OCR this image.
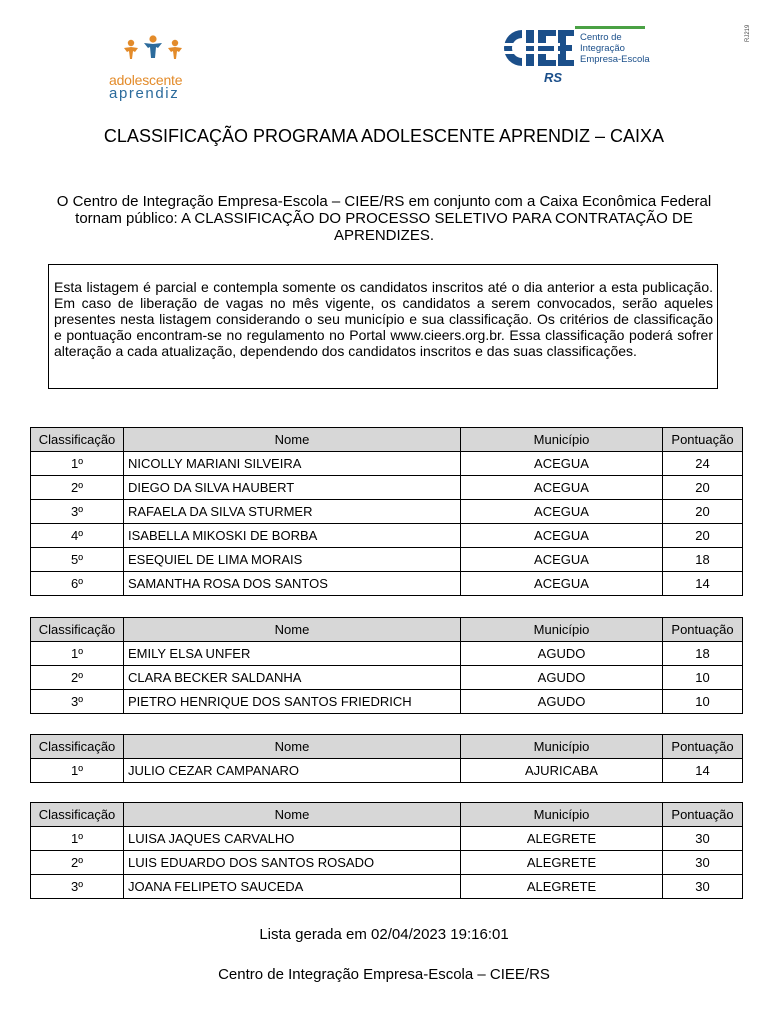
adolescente
aprendiz
RS
Centro de
Integração
Empresa-Escola
RJ219
CLASSIFICAÇÃO PROGRAMA ADOLESCENTE APRENDIZ – CAIXA
O Centro de Integração Empresa-Escola – CIEE/RS em conjunto com a Caixa Econômica Federal tornam público: A CLASSIFICAÇÃO DO PROCESSO SELETIVO PARA CONTRATAÇÃO DE APRENDIZES.
Esta listagem é parcial e contempla somente os candidatos inscritos até o dia anterior a esta publicação. Em caso de liberação de vagas no mês vigente, os candidatos a serem convocados, serão aqueles presentes nesta listagem considerando o seu município e sua classificação. Os critérios de classificação e pontuação encontram-se no regulamento no Portal www.cieers.org.br. Essa classificação poderá sofrer alteração a cada atualização, dependendo dos candidatos inscritos e das suas classificações.
Classificação	Nome	Município	Pontuação
1º	NICOLLY MARIANI SILVEIRA	ACEGUA	24
2º	DIEGO DA SILVA HAUBERT	ACEGUA	20
3º	RAFAELA DA SILVA STURMER	ACEGUA	20
4º	ISABELLA MIKOSKI DE BORBA	ACEGUA	20
5º	ESEQUIEL DE LIMA MORAIS	ACEGUA	18
6º	SAMANTHA ROSA DOS SANTOS	ACEGUA	14
Classificação	Nome	Município	Pontuação
1º	EMILY ELSA UNFER	AGUDO	18
2º	CLARA BECKER SALDANHA	AGUDO	10
3º	PIETRO HENRIQUE DOS SANTOS FRIEDRICH	AGUDO	10
Classificação	Nome	Município	Pontuação
1º	JULIO CEZAR CAMPANARO	AJURICABA	14
Classificação	Nome	Município	Pontuação
1º	LUISA JAQUES CARVALHO	ALEGRETE	30
2º	LUIS EDUARDO DOS SANTOS ROSADO	ALEGRETE	30
3º	JOANA FELIPETO SAUCEDA	ALEGRETE	30
Lista gerada em 02/04/2023 19:16:01
Centro de Integração Empresa-Escola – CIEE/RS
